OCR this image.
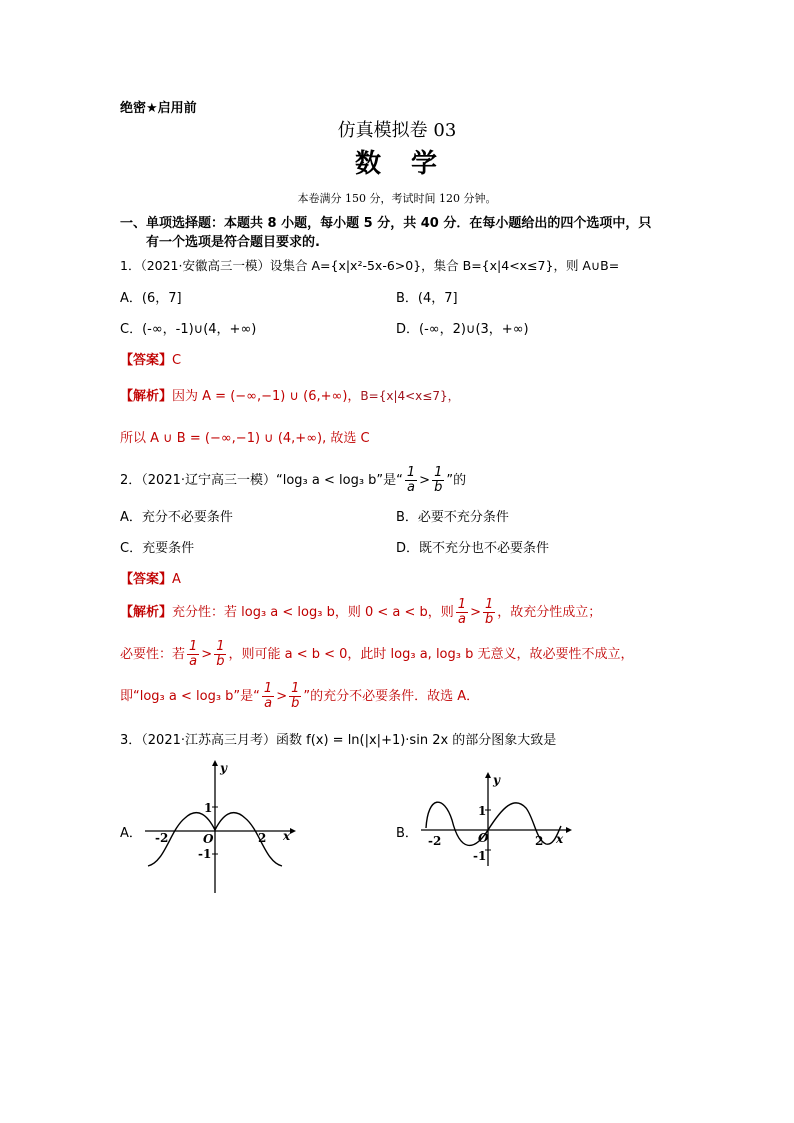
绝密★启用前
仿真模拟卷 03
数　学
本卷满分 150 分，考试时间 120 分钟。
一、单项选择题：本题共 8 小题，每小题 5 分，共 40 分．在每小题给出的四个选项中，只
有一个选项是符合题目要求的.
1．（2021·安徽高三一模）设集合 A={x|x²-5x-6>0}，集合 B={x|4<x≤7}，则 A∪B=
A．(6，7]	B．(4，7]
C．(-∞，-1)∪(4，+∞)	D．(-∞，2)∪(3，+∞)
【答案】C
【解析】因为 A = (−∞,−1) ∪ (6,+∞)，B={x|4<x≤7}，
所以 A ∪ B = (−∞,−1) ∪ (4,+∞), 故选 C
2．（2021·辽宁高三一模）“log₃ a < log₃ b”是“ $\frac{1}{a} > \frac{1}{b}$ ”的
A．充分不必要条件	B．必要不充分条件
C．充要条件	D．既不充分也不必要条件
【答案】A
【解析】充分性：若 log₃ a < log₃ b，则 0 < a < b，则 $\frac{1}{a} > \frac{1}{b}$ ，故充分性成立；
必要性：若 $\frac{1}{a} > \frac{1}{b}$ ，则可能 a < b < 0，此时 log₃ a, log₃ b 无意义，故必要性不成立，
即“log₃ a < log₃ b”是“ $\frac{1}{a} > \frac{1}{b}$ ”的充分不必要条件．故选 A．
3．（2021·江苏高三月考）函数 f(x) = ln(|x|+1)·sin 2x 的部分图象大致是
A．
y
x
O
1
-1
2
-2	B．
y
x
O
1
-1
2
-2
